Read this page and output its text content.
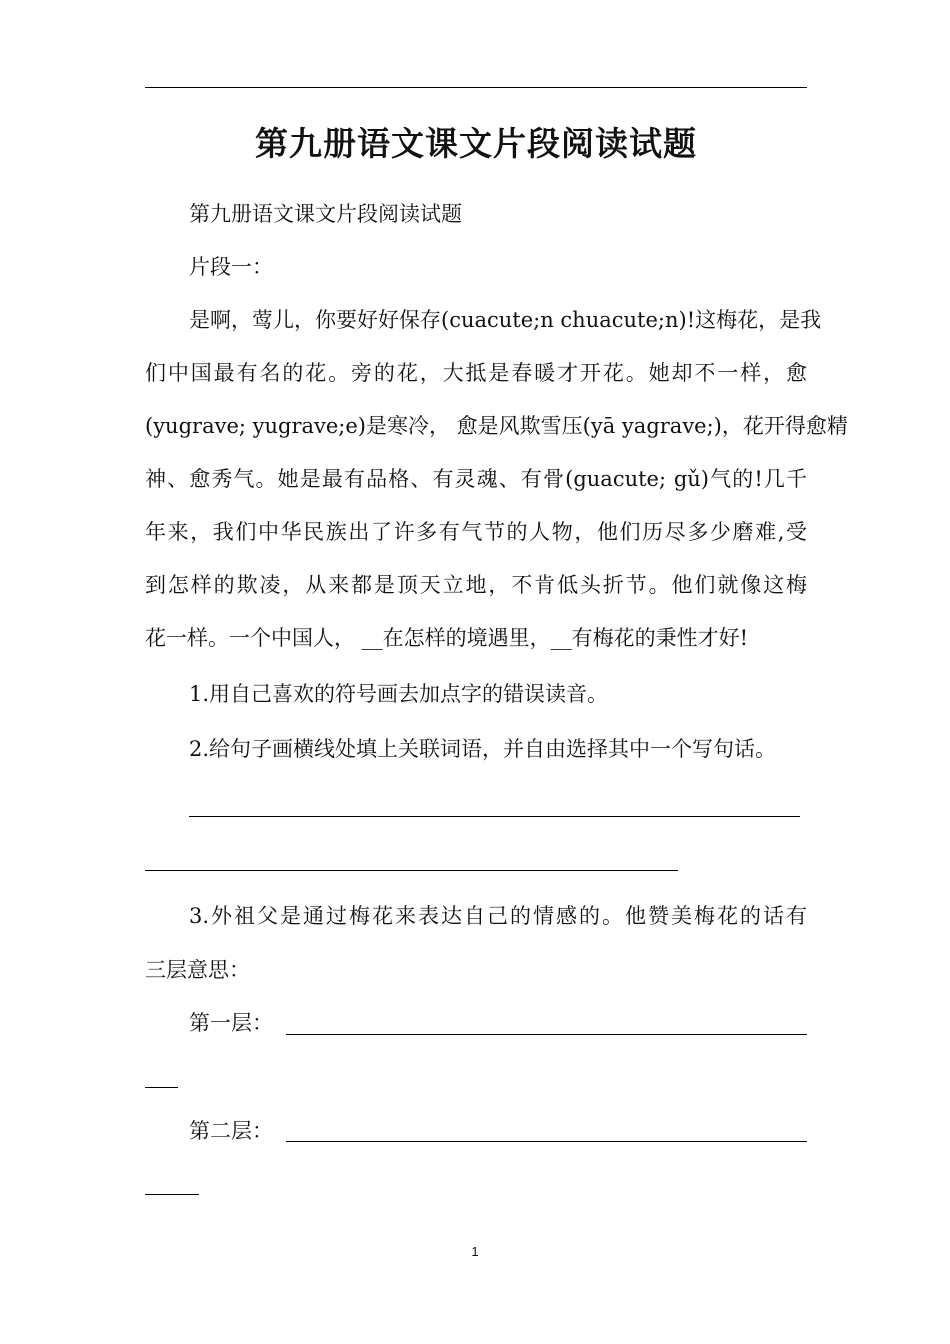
第九册语文课文片段阅读试题
第九册语文课文片段阅读试题
片段一：
是啊，莺儿，你要好好保存(cuacute;n chuacute;n)!这梅花，是我
们中国最有名的花。旁的花，大抵是春暖才开花。她却不一样，愈
(yugrave; yugrave;e)是寒冷， 愈是风欺雪压(yā yagrave;)，花开得愈精
神、愈秀气。她是最有品格、有灵魂、有骨(guacute; gǔ)气的!几千
年来，我们中华民族出了许多有气节的人物，他们历尽多少磨难,受
到怎样的欺凌，从来都是顶天立地，不肯低头折节。他们就像这梅
花一样。一个中国人， __在怎样的境遇里，__有梅花的秉性才好!
1.用自己喜欢的符号画去加点字的错误读音。
2.给句子画横线处填上关联词语，并自由选择其中一个写句话。
3.外祖父是通过梅花来表达自己的情感的。他赞美梅花的话有
三层意思：
第一层：
第二层：
1
